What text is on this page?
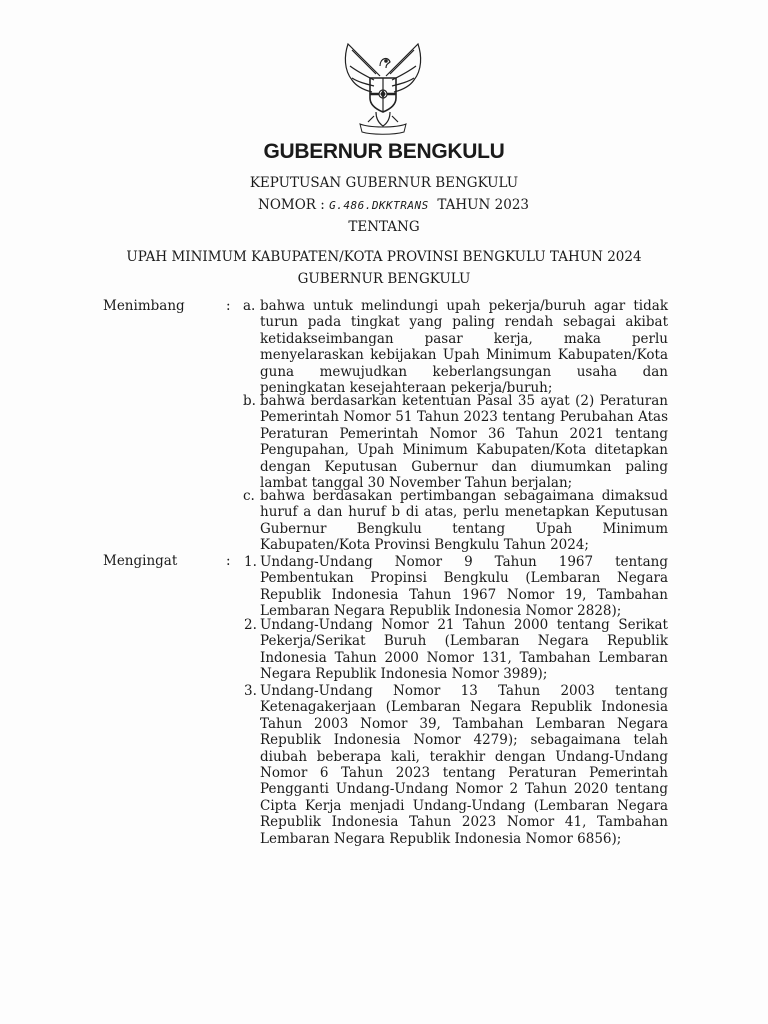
GUBERNUR BENGKULU
KEPUTUSAN GUBERNUR BENGKULU
NOMOR : G.486.DKKTRANS TAHUN 2023
TENTANG
UPAH MINIMUM KABUPATEN/KOTA PROVINSI BENGKULU TAHUN 2024
GUBERNUR BENGKULU
Menimbang	: a. bahwa untuk melindungi upah pekerja/buruh agar tidak turun pada tingkat yang paling rendah sebagai akibat ketidakseimbangan pasar kerja, maka perlu menyelaraskan kebijakan Upah Minimum Kabupaten/Kota guna mewujudkan keberlangsungan usaha dan peningkatan kesejahteraan pekerja/buruh;
b. bahwa berdasarkan ketentuan Pasal 35 ayat (2) Peraturan Pemerintah Nomor 51 Tahun 2023 tentang Perubahan Atas Peraturan Pemerintah Nomor 36 Tahun 2021 tentang Pengupahan, Upah Minimum Kabupaten/Kota ditetapkan dengan Keputusan Gubernur dan diumumkan paling lambat tanggal 30 November Tahun berjalan;
c. bahwa berdasakan pertimbangan sebagaimana dimaksud huruf a dan huruf b di atas, perlu menetapkan Keputusan Gubernur Bengkulu tentang Upah Minimum Kabupaten/Kota Provinsi Bengkulu Tahun 2024;
Mengingat	: 1. Undang-Undang Nomor 9 Tahun 1967 tentang Pembentukan Propinsi Bengkulu (Lembaran Negara Republik Indonesia Tahun 1967 Nomor 19, Tambahan Lembaran Negara Republik Indonesia Nomor 2828);
2. Undang-Undang Nomor 21 Tahun 2000 tentang Serikat Pekerja/Serikat Buruh (Lembaran Negara Republik Indonesia Tahun 2000 Nomor 131, Tambahan Lembaran Negara Republik Indonesia Nomor 3989);
3. Undang-Undang Nomor 13 Tahun 2003 tentang Ketenagakerjaan (Lembaran Negara Republik Indonesia Tahun 2003 Nomor 39, Tambahan Lembaran Negara Republik Indonesia Nomor 4279); sebagaimana telah diubah beberapa kali, terakhir dengan Undang-Undang Nomor 6 Tahun 2023 tentang Peraturan Pemerintah Pengganti Undang-Undang Nomor 2 Tahun 2020 tentang Cipta Kerja menjadi Undang-Undang (Lembaran Negara Republik Indonesia Tahun 2023 Nomor 41, Tambahan Lembaran Negara Republik Indonesia Nomor 6856);
